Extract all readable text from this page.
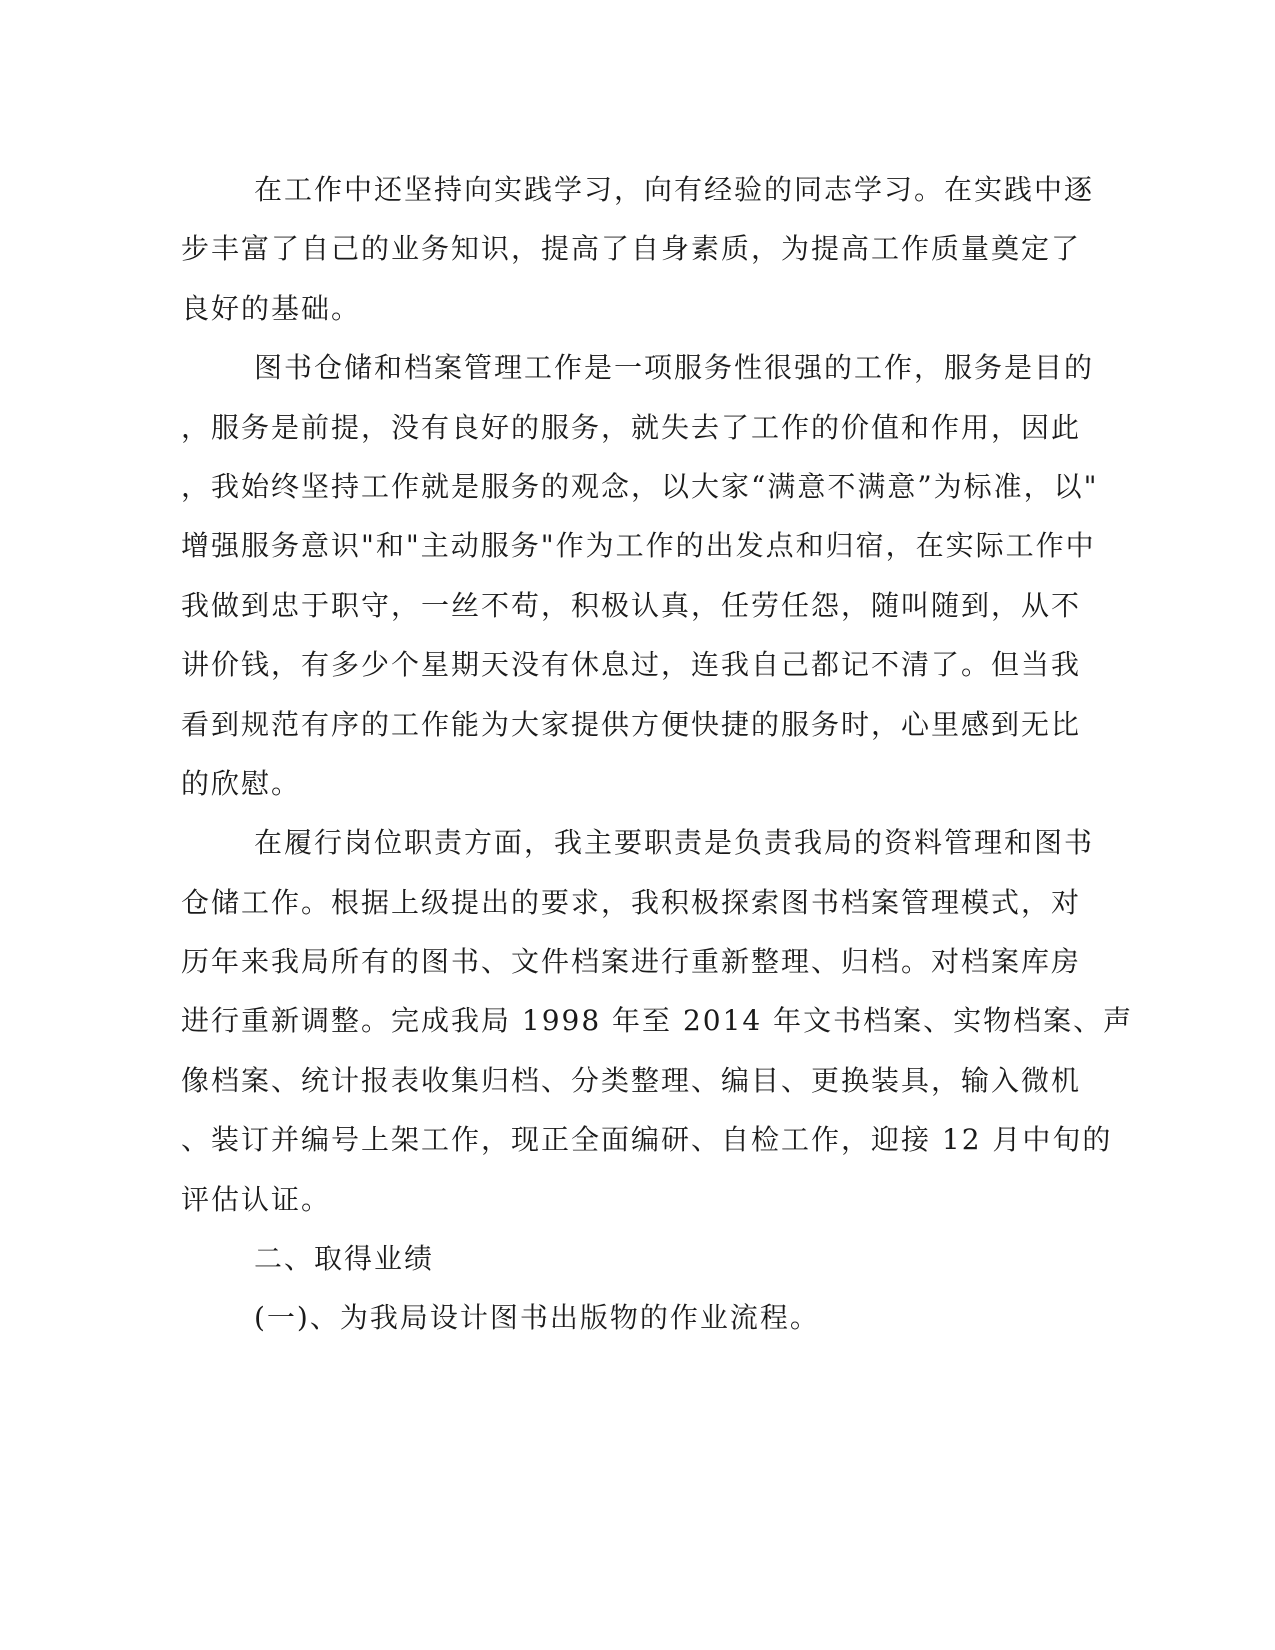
在工作中还坚持向实践学习，向有经验的同志学习。在实践中逐
步丰富了自己的业务知识，提高了自身素质，为提高工作质量奠定了
良好的基础。
图书仓储和档案管理工作是一项服务性很强的工作，服务是目的
，服务是前提，没有良好的服务，就失去了工作的价值和作用，因此
，我始终坚持工作就是服务的观念，以大家“满意不满意”为标准，以"
增强服务意识"和"主动服务"作为工作的出发点和归宿，在实际工作中
我做到忠于职守，一丝不苟，积极认真，任劳任怨，随叫随到，从不
讲价钱，有多少个星期天没有休息过，连我自己都记不清了。但当我
看到规范有序的工作能为大家提供方便快捷的服务时，心里感到无比
的欣慰。
在履行岗位职责方面，我主要职责是负责我局的资料管理和图书
仓储工作。根据上级提出的要求，我积极探索图书档案管理模式，对
历年来我局所有的图书、文件档案进行重新整理、归档。对档案库房
进行重新调整。完成我局 1998 年至 2014 年文书档案、实物档案、声
像档案、统计报表收集归档、分类整理、编目、更换装具，输入微机
、装订并编号上架工作，现正全面编研、自检工作，迎接 12 月中旬的
评估认证。
二、取得业绩
(一)、为我局设计图书出版物的作业流程。
